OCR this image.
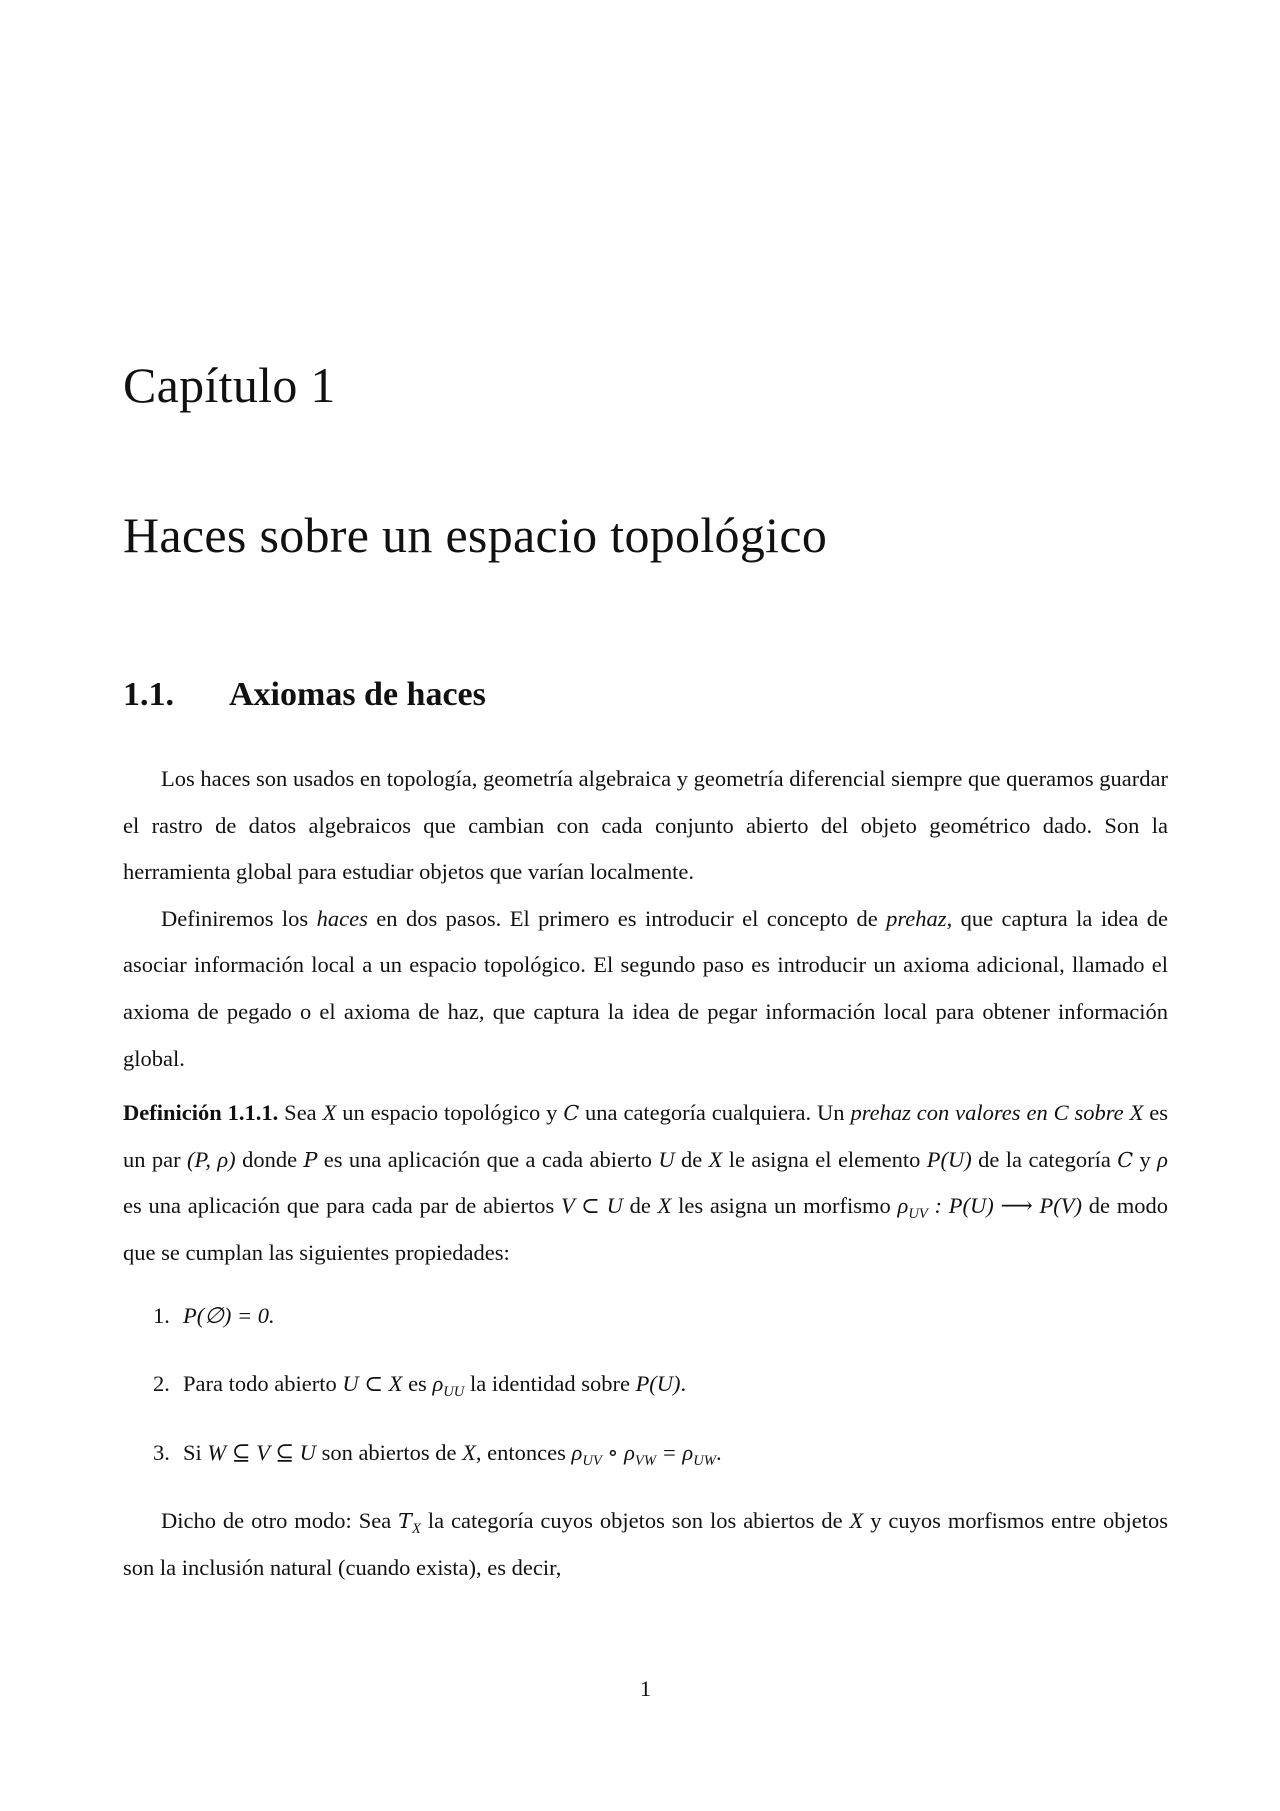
Capítulo 1
Haces sobre un espacio topológico
1.1. Axiomas de haces

Los haces son usados en topología, geometría algebraica y geometría diferencial siempre que queramos guardar el rastro de datos algebraicos que cambian con cada conjunto abierto del objeto geométrico dado. Son la herramienta global para estudiar objetos que varían localmente.

Definiremos los haces en dos pasos. El primero es introducir el concepto de prehaz, que captura la idea de asociar información local a un espacio topológico. El segundo paso es introducir un axioma adicional, llamado el axioma de pegado o el axioma de haz, que captura la idea de pegar información local para obtener información global.

Definición 1.1.1. Sea X un espacio topológico y C una categoría cualquiera. Un prehaz con valores en C sobre X es un par (P, ρ) donde P es una aplicación que a cada abierto U de X le asigna el elemento P(U) de la categoría C y ρ es una aplicación que para cada par de abiertos V ⊂ U de X les asigna un morfismo $\rho_{UV}$ : P(U) ⟶ P(V) de modo que se cumplan las siguientes propiedades:

1. P(∅) = 0.
2. Para todo abierto U ⊂ X es $\rho_{UU}$ la identidad sobre P(U).
3. Si W ⊆ V ⊆ U son abiertos de X, entonces $\rho_{UV}$ ∘ $\rho_{VW} = \rho_{UW}$.

Dicho de otro modo: Sea $T_X$ la categoría cuyos objetos son los abiertos de X y cuyos morfismos entre objetos son la inclusión natural (cuando exista), es decir,

1
